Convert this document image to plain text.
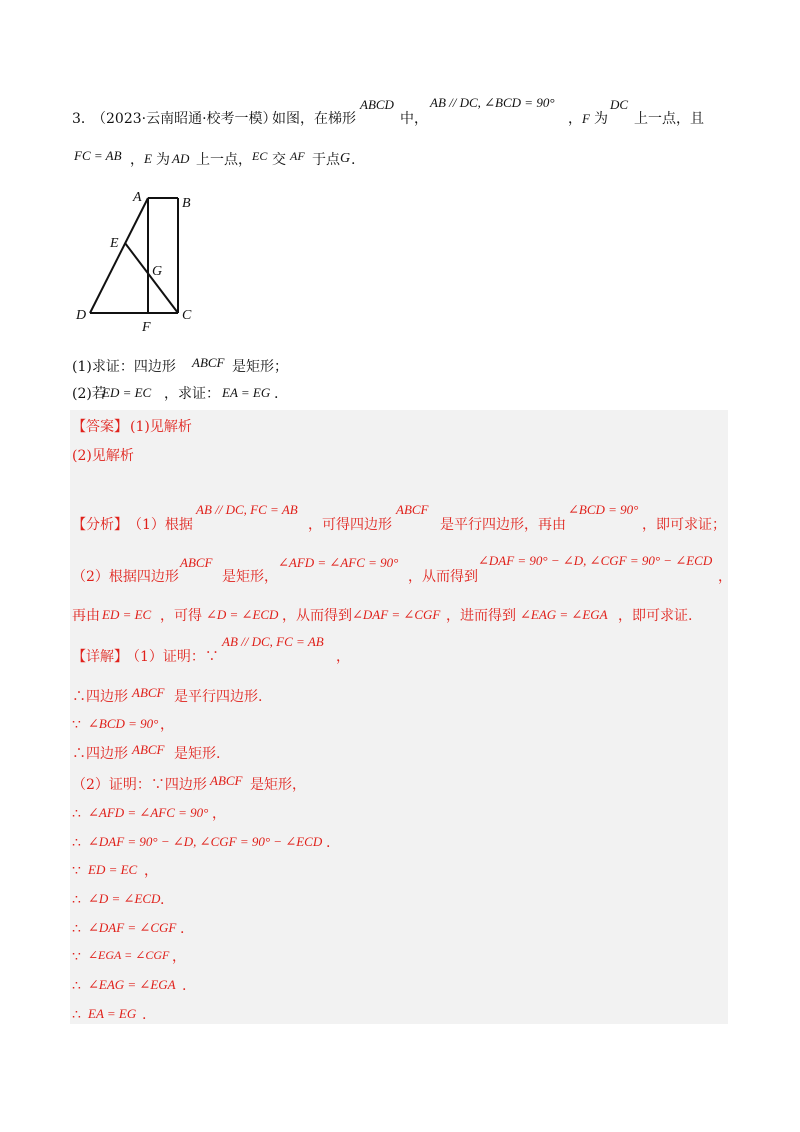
3．
（2023·云南昭通·校考一模）
如图，在梯形
ABCD
中，
AB // DC, ∠BCD = 90°
， F 为
DC
上一点，且
FC = AB ， E 为 AD 上一点， EC 交 AF 于点 G .
A	B
E
G
D	C
F
(1)求证：四边形 ABCF 是矩形；
(2)若
ED = EC ，求证： EA = EG .
【答案】 (1)见解析
(2)见解析
【分析】 （1）根据
AB // DC, FC = AB
，可得四边形
ABCF
是平行四边形，再由
∠BCD = 90°
，即可求证；
（2）根据四边形
ABCF
是矩形，
∠AFD = ∠AFC = 90°
，从而得到
∠DAF = 90° − ∠D, ∠CGF = 90° − ∠ECD
，
再由 ED = EC ，可得 ∠D = ∠ECD ，从而得到 ∠DAF = ∠CGF ，进而得到 ∠EAG = ∠EGA ，即可求证.
【详解】
（1）证明：∵
AB // DC, FC = AB
，
∴四边形 ABCF 是平行四边形.
∵ ∠BCD = 90° ，
∴四边形 ABCF 是矩形.
（2）证明：∵四边形 ABCF 是矩形，
∴ ∠AFD = ∠AFC = 90° ，
∴ ∠DAF = 90° − ∠D, ∠CGF = 90° − ∠ECD .
∵ ED = EC ，
∴ ∠D = ∠ECD .
∴ ∠DAF = ∠CGF .
∵ ∠EGA = ∠CGF ，
∴ ∠EAG = ∠EGA .
∴ EA = EG .
